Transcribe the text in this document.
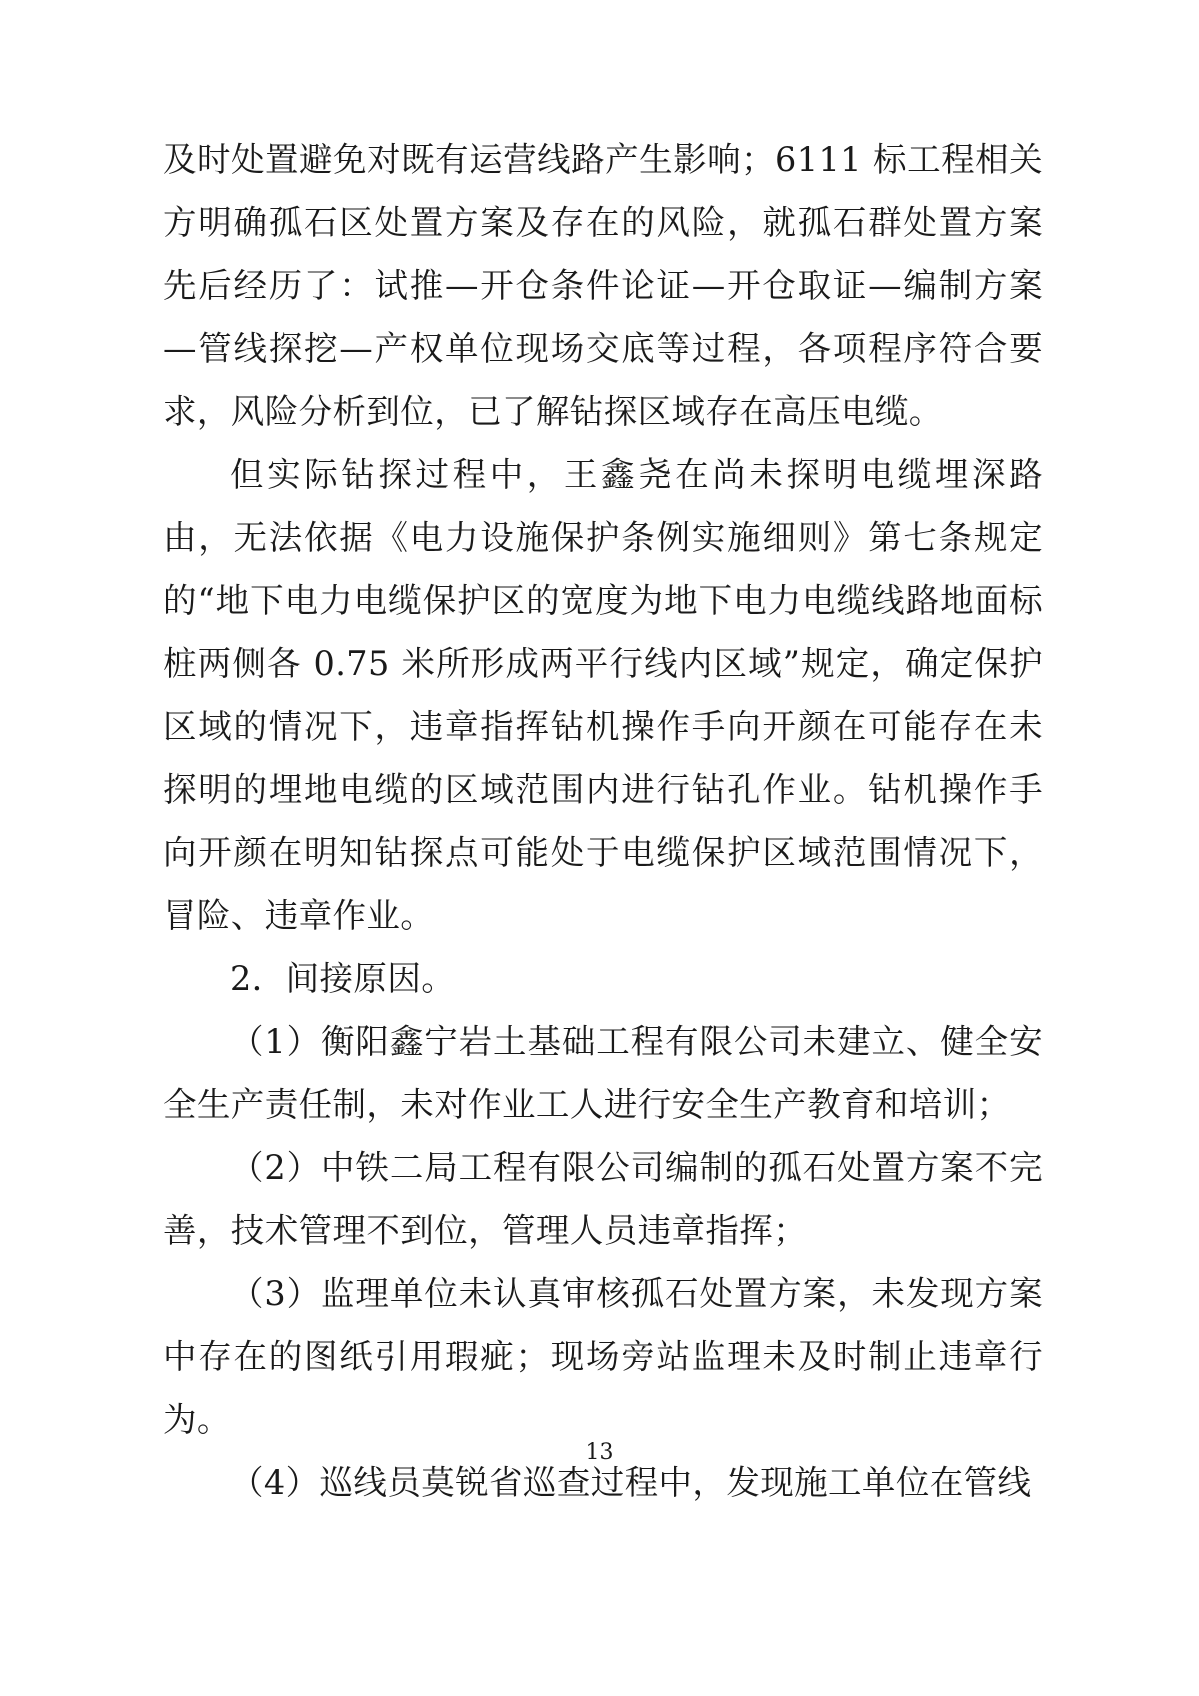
及时处置避免对既有运营线路产生影响；6111 标工程相关方明确孤石区处置方案及存在的风险，就孤石群处置方案先后经历了：试推—开仓条件论证—开仓取证—编制方案—管线探挖—产权单位现场交底等过程，各项程序符合要求，风险分析到位，已了解钻探区域存在高压电缆。

但实际钻探过程中，王鑫尧在尚未探明电缆埋深路由，无法依据《电力设施保护条例实施细则》第七条规定的“地下电力电缆保护区的宽度为地下电力电缆线路地面标桩两侧各 0.75 米所形成两平行线内区域”规定，确定保护区域的情况下，违章指挥钻机操作手向开颜在可能存在未探明的埋地电缆的区域范围内进行钻孔作业。钻机操作手向开颜在明知钻探点可能处于电缆保护区域范围情况下，冒险、违章作业。

2．间接原因。

（1）衡阳鑫宁岩土基础工程有限公司未建立、健全安全生产责任制，未对作业工人进行安全生产教育和培训；

（2）中铁二局工程有限公司编制的孤石处置方案不完善，技术管理不到位，管理人员违章指挥；

（3）监理单位未认真审核孤石处置方案，未发现方案中存在的图纸引用瑕疵；现场旁站监理未及时制止违章行为。

（4）巡线员莫锐省巡查过程中，发现施工单位在管线

13
